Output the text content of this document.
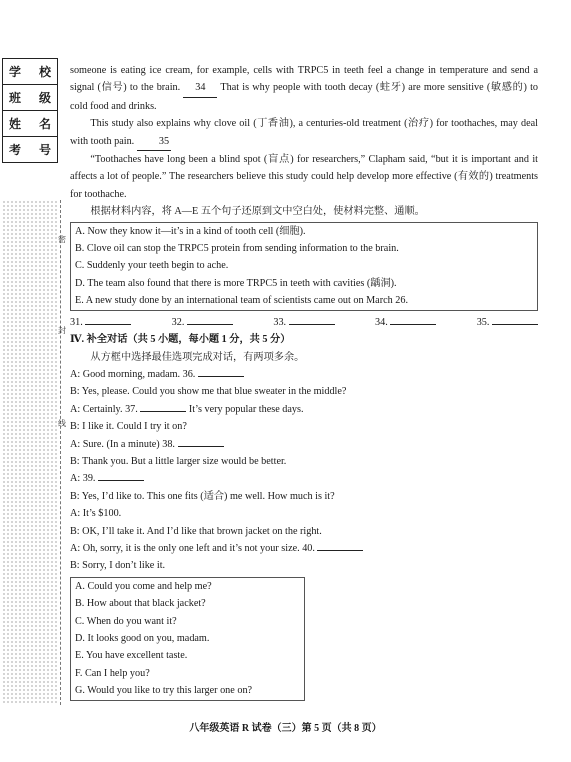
学 校
班 级
姓 名
考 号
密
封
线

someone is eating ice cream, for example, cells with TRPC5 in teeth feel a change in temperature and send a signal (信号) to the brain. 34 That is why people with tooth decay (蛀牙) are more sensitive (敏感的) to cold food and drinks.

This study also explains why clove oil (丁香油), a centuries-old treatment (治疗) for toothaches, may deal with tooth pain. 35

“Toothaches have long been a blind spot (盲点) for researchers,” Clapham said, “but it is important and it affects a lot of people.” The researchers believe this study could help develop more effective (有效的) treatments for toothache.

根据材料内容，将 A—E 五个句子还原到文中空白处，使材料完整、通顺。

A. Now they know it—it’s in a kind of tooth cell (细胞).
B. Clove oil can stop the TRPC5 protein from sending information to the brain.
C. Suddenly your teeth begin to ache.
D. The team also found that there is more TRPC5 in teeth with cavities (龋洞).
E. A new study done by an international team of scientists came out on March 26.
31.	32.	33.	34.	35.

Ⅳ. 补全对话（共 5 小题，每小题 1 分，共 5 分）

从方框中选择最佳选项完成对话，有两项多余。

A: Good morning, madam. 36.
B: Yes, please. Could you show me that blue sweater in the middle?
A: Certainly. 37.	It’s very popular these days.
B: I like it. Could I try it on?
A: Sure. (In a minute) 38.
B: Thank you. But a little larger size would be better.
A: 39.
B: Yes, I’d like to. This one fits (适合) me well. How much is it?
A: It’s $100.
B: OK, I’ll take it. And I’d like that brown jacket on the right.
A: Oh, sorry, it is the only one left and it’s not your size. 40.
B: Sorry, I don’t like it.
A. Could you come and help me?
B. How about that black jacket?
C. When do you want it?
D. It looks good on you, madam.
E. You have excellent taste.
F. Can I help you?
G. Would you like to try this larger one on?
八年级英语 R 试卷（三）第 5 页（共 8 页）
